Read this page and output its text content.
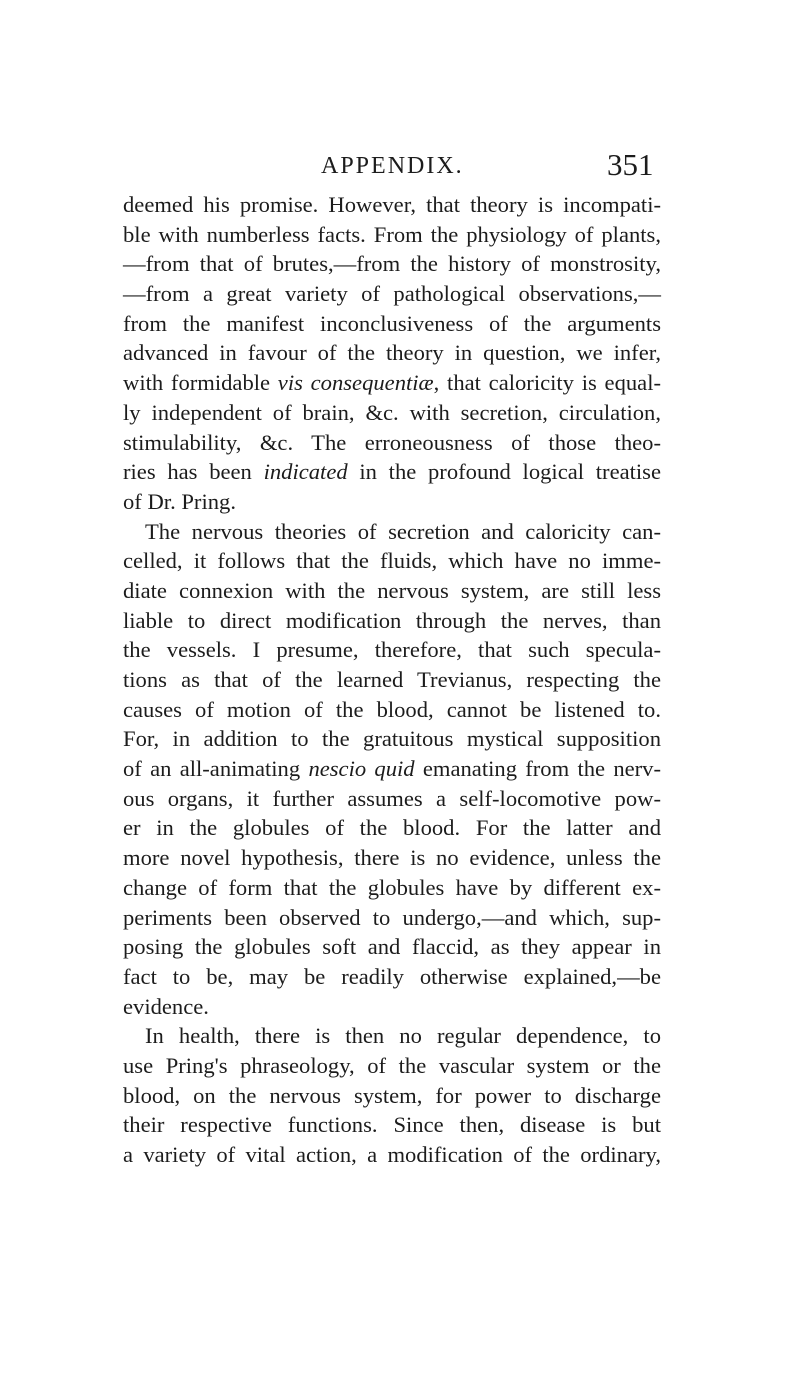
APPENDIX.	351
deemed his promise. However, that theory is incompati-
ble with numberless facts. From the physiology of plants,
—from that of brutes,—from the history of monstrosity,
—from a great variety of pathological observations,—
from the manifest inconclusiveness of the arguments
advanced in favour of the theory in question, we infer,
with formidable vis consequentiæ, that caloricity is equal-
ly independent of brain, &c. with secretion, circulation,
stimulability, &c. The erroneousness of those theo-
ries has been indicated in the profound logical treatise
of Dr. Pring.
The nervous theories of secretion and caloricity can-
celled, it follows that the fluids, which have no imme-
diate connexion with the nervous system, are still less
liable to direct modification through the nerves, than
the vessels. I presume, therefore, that such specula-
tions as that of the learned Trevianus, respecting the
causes of motion of the blood, cannot be listened to.
For, in addition to the gratuitous mystical supposition
of an all-animating nescio quid emanating from the nerv-
ous organs, it further assumes a self-locomotive pow-
er in the globules of the blood. For the latter and
more novel hypothesis, there is no evidence, unless the
change of form that the globules have by different ex-
periments been observed to undergo,—and which, sup-
posing the globules soft and flaccid, as they appear in
fact to be, may be readily otherwise explained,—be
evidence.
In health, there is then no regular dependence, to
use Pring's phraseology, of the vascular system or the
blood, on the nervous system, for power to discharge
their respective functions. Since then, disease is but
a variety of vital action, a modification of the ordinary,
